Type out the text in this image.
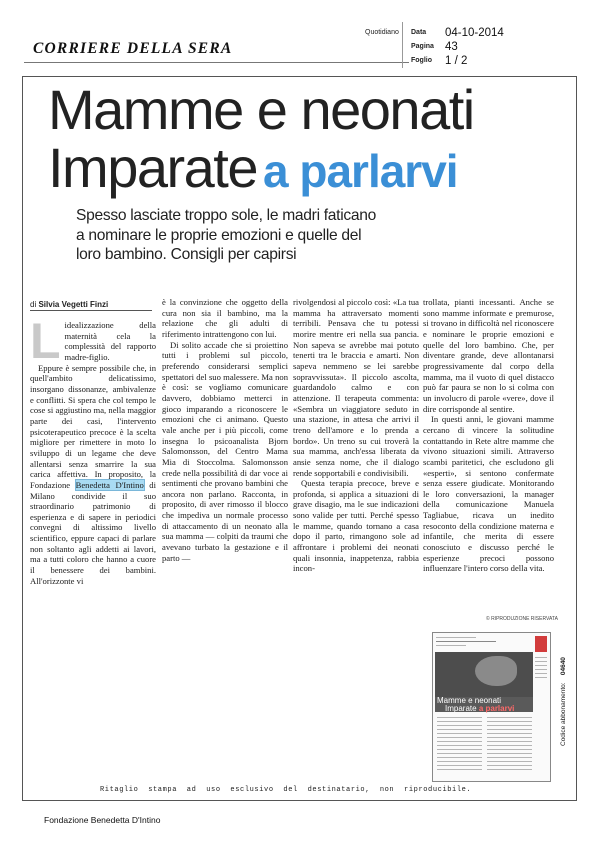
CORRIERE DELLA SERA
Quotidiano Data 04-10-2014
Pagina 43
Foglio 1 / 2
Mamme e neonati
Imparate a parlarvi
Spesso lasciate troppo sole, le madri faticano a nominare le proprie emozioni e quelle del loro bambino. Consigli per capirsi
di Silvia Vegetti Finzi
L idealizzazione della maternità cela la complessità del rapporto madre-figlio.

Eppure è sempre possibile che, in quell'ambito delicatissimo, insorgano dissonanze, ambivalenze e conflitti. Si spera che col tempo le cose si aggiustino ma, nella maggior parte dei casi, l'intervento psicoterapeutico precoce è la scelta migliore per rimettere in moto lo sviluppo di un legame che deve allentarsi senza smarrire la sua carica affettiva. In proposito, la Fondazione Benedetta D'Intino di Milano condivide il suo straordinario patrimonio di esperienza e di sapere in periodici convegni di altissimo livello scientifico, eppure capaci di parlare non soltanto agli addetti ai lavori, ma a tutti coloro che hanno a cuore il benessere dei bambini. All'orizzonte vi

è la convinzione che oggetto della cura non sia il bambino, ma la relazione che gli adulti di riferimento intrattengono con lui.

Di solito accade che si proiettino tutti i problemi sul piccolo, preferendo considerarsi semplici spettatori del suo malessere. Ma non è così: se vogliamo comunicare davvero, dobbiamo metterci in gioco imparando a riconoscere le emozioni che ci animano. Questo vale anche per i più piccoli, come insegna lo psicoanalista Bjorn Salomonsson, del Centro Mama Mia di Stoccolma. Salomonsson crede nella possibilità di dar voce ai sentimenti che provano bambini che ancora non parlano. Racconta, in proposito, di aver rimosso il blocco che impediva un normale processo di attaccamento di un neonato alla sua mamma — colpiti da traumi che avevano turbato la gestazione e il parto —

rivolgendosi al piccolo così: «La tua mamma ha attraversato momenti terribili. Pensava che tu potessi morire mentre eri nella sua pancia. Non sapeva se avrebbe mai potuto tenerti tra le braccia e amarti. Non sapeva nemmeno se lei sarebbe sopravvissuta». Il piccolo ascolta, guardandolo calmo e con attenzione. Il terapeuta commenta: «Sembra un viaggiatore seduto in una stazione, in attesa che arrivi il treno dell'amore e lo prenda a bordo». Un treno su cui troverà la sua mamma, anch'essa liberata da ansie senza nome, che il dialogo rende sopportabili e condivisibili.

Questa terapia precoce, breve e profonda, si applica a situazioni di grave disagio, ma le sue indicazioni sono valide per tutti. Perché spesso le mamme, quando tornano a casa dopo il parto, rimangono sole ad affrontare i problemi dei neonati quali insonnia, inappetenza, rabbia incon-

trollata, pianti incessanti. Anche se sono mamme informate e premurose, si trovano in difficoltà nel riconoscere e nominare le proprie emozioni e quelle del loro bambino. Che, per diventare grande, deve allontanarsi progressivamente dal corpo della mamma, ma il vuoto di quel distacco può far paura se non lo si colma con un involucro di parole «vere», dove il dire corrisponde al sentire.

In questi anni, le giovani mamme cercano di vincere la solitudine contattando in Rete altre mamme che vivono situazioni simili. Attraverso scambi paritetici, che escludono gli «esperti», si sentono confermate senza essere giudicate. Monitorando le loro conversazioni, la manager della comunicazione Manuela Tagliabue, ricava un inedito resoconto della condizione materna e infantile, che merita di essere conosciuto e discusso perché le esperienze precoci possono influenzare l'intero corso della vita.

© RIPRODUZIONE RISERVATA
Mamme e neonati
Imparate a parlarvi	Codice abbonamento:    04640
Ritaglio stampa ad uso esclusivo del destinatario, non riproducibile.
Fondazione Benedetta D'Intino
